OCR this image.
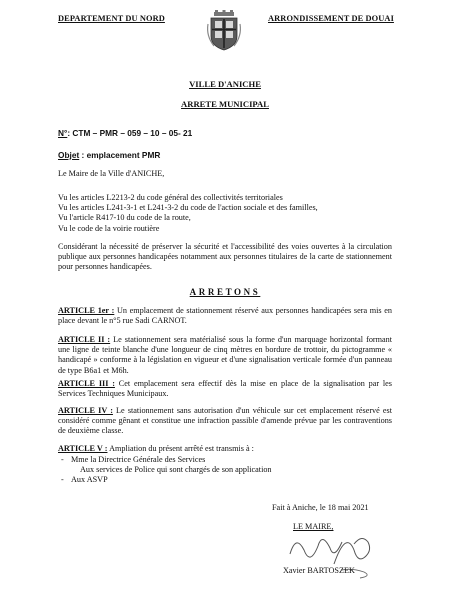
DEPARTEMENT DU NORD	ARRONDISSEMENT DE DOUAI
VILLE D'ANICHE
ARRETE MUNICIPAL
N°: CTM – PMR – 059 – 10 – 05- 21
Objet : emplacement PMR
Le Maire de la Ville d'ANICHE,
Vu les articles L2213-2 du code général des collectivités territoriales
Vu les articles L241-3-1 et L241-3-2 du code de l'action sociale et des familles,
Vu l'article R417-10 du code de la route,
Vu le code de la voirie routière
Considérant la nécessité de préserver la sécurité et l'accessibilité des voies ouvertes à la circulation publique aux personnes handicapées notamment aux personnes titulaires de la carte de stationnement pour personnes handicapées.
ARRETONS
ARTICLE 1er : Un emplacement de stationnement réservé aux personnes handicapées sera mis en place devant le n°5 rue Sadi CARNOT.
ARTICLE II : Le stationnement sera matérialisé sous la forme d'un marquage horizontal formant une ligne de teinte blanche d'une longueur de cinq mètres en bordure de trottoir, du pictogramme « handicapé » conforme à la législation en vigueur et d'une signalisation verticale formée d'un panneau de type B6a1 et M6h.
ARTICLE III : Cet emplacement sera effectif dès la mise en place de la signalisation par les Services Techniques Municipaux.
ARTICLE IV : Le stationnement sans autorisation d'un véhicule sur cet emplacement réservé est considéré comme gênant et constitue une infraction passible d'amende prévue par les contraventions de deuxième classe.
ARTICLE V : Ampliation du présent arrêté est transmis à :
- Mme la Directrice Générale des Services
Aux services de Police qui sont chargés de son application
- Aux ASVP
Fait à Aniche, le 18 mai 2021
LE MAIRE,
Xavier BARTOSZEK
